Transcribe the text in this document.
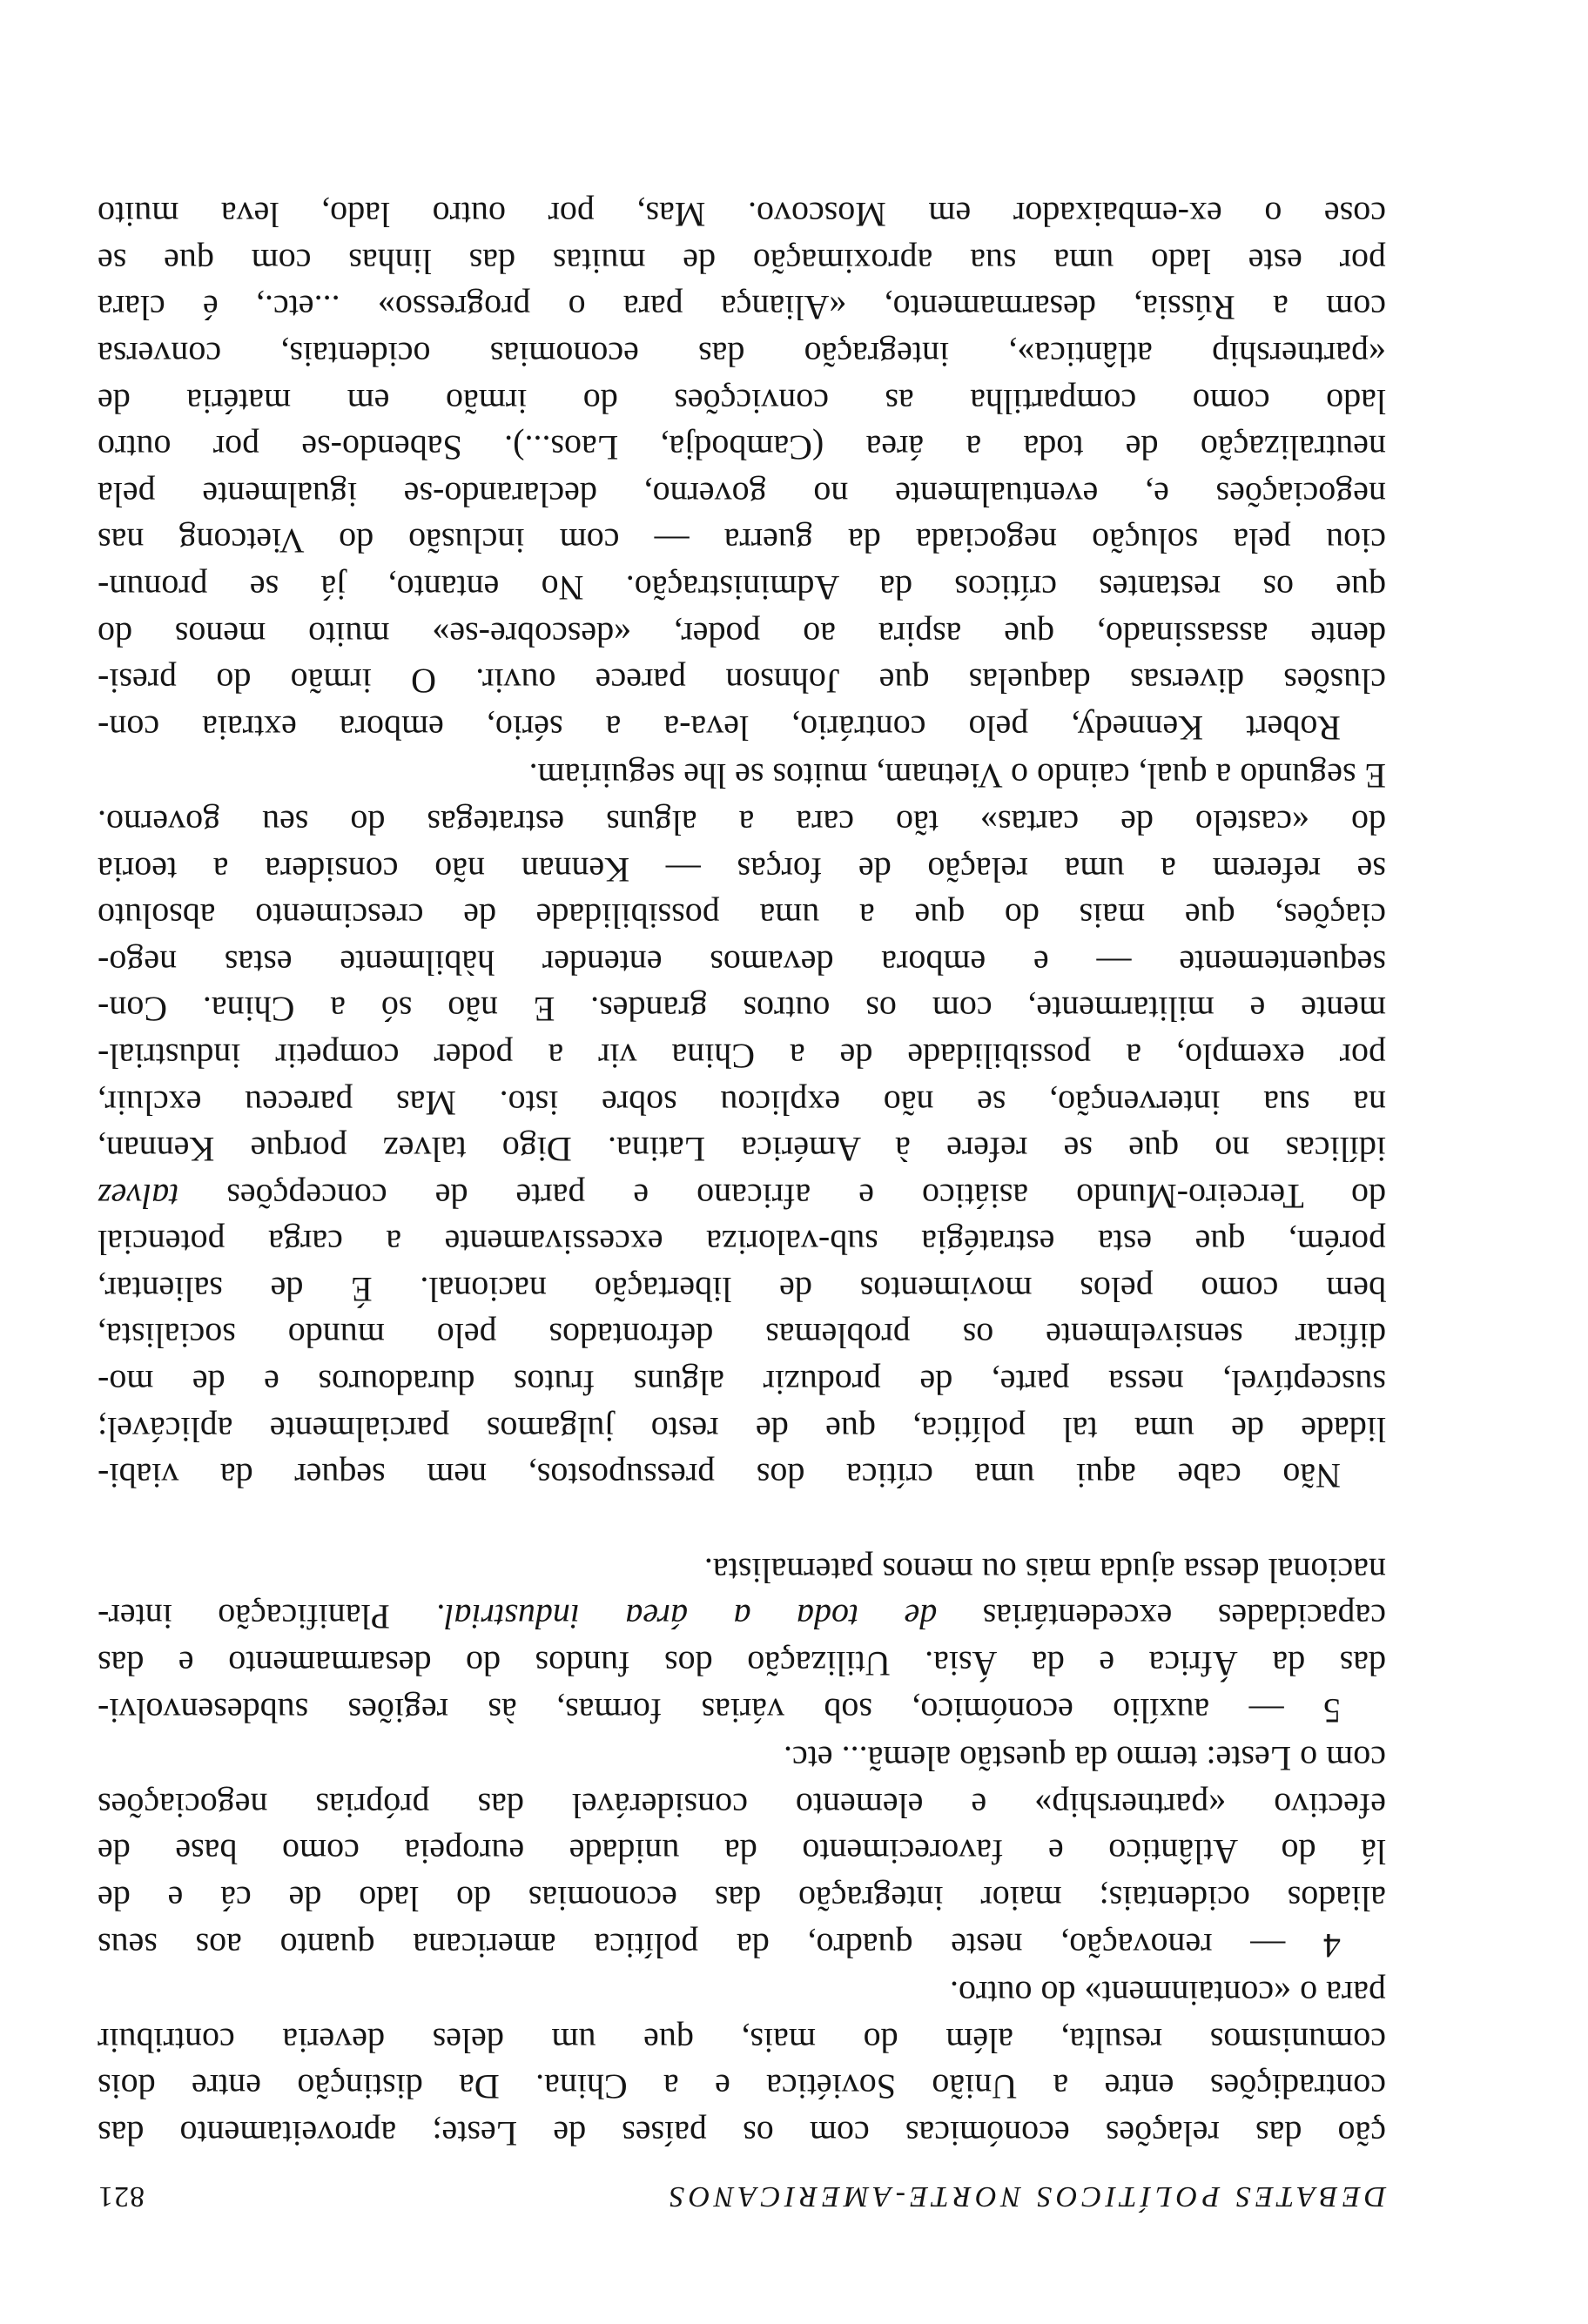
DEBATES POLÍTICOS NORTE-AMERICANOS
821

ção das relações económicas com os países de Leste; aproveitamento das
contradições entre a União Soviética e a China. Da distinção entre dois
comunismos resulta, além do mais, que um deles deveria contribuir
para o «containment» do outro.

4 — renovação, neste quadro, da política americana quanto aos seus
aliados ocidentais; maior integração das economias do lado de cá e de
lá do Atlântico e favorecimento da unidade europeia como base de
efectivo «partnership» e elemento considerável das próprias negociações
com o Leste: termo da questão alemã... etc.

5 — auxílio económico, sob várias formas, às regiões subdesenvolvi-
das da África e da Ásia. Utilização dos fundos do desarmamento e das
capacidades excedentárias de toda a área industrial. Planificação inter-
nacional dessa ajuda mais ou menos paternalista.

Não cabe aqui uma crítica dos pressupostos, nem sequer da viabi-
lidade de uma tal política, que de resto julgamos parcialmente aplicável;
susceptível, nessa parte, de produzir alguns frutos duradouros e de mo-
dificar sensivelmente os problemas defrontados pelo mundo socialista,
bem como pelos movimentos de libertação nacional. É de salientar,
porém, que esta estratégia sub-valoriza excessivamente a carga potencial
do Terceiro-Mundo asiático e africano e parte de concepções talvez
idílicas no que se refere à América Latina. Digo talvez porque Kennan,
na sua intervenção, se não explicou sobre isto. Mas pareceu excluir,
por exemplo, a possibilidade de a China vir a poder competir industrial-
mente e militarmente, com os outros grandes. E não só a China. Con-
sequentemente — e embora devamos entender hàbilmente estas nego-
ciações, que mais do que a uma possibilidade de crescimento absoluto
se referem a uma relação de forças — Kennan não considera a teoria
do «castelo de cartas» tão cara a alguns estrategas do seu governo.
E segundo a qual, caindo o Vietnam, muitos se lhe seguiriam.

Robert Kennedy, pelo contrário, leva-a a sério, embora extraia con-
clusões diversas daquelas que Johnson parece ouvir. O irmão do presi-
dente assassinado, que aspira ao poder, «descobre-se» muito menos do
que os restantes críticos da Administração. No entanto, já se pronun-
ciou pela solução negociada da guerra — com inclusão do Vietcong nas
negociações e, eventualmente no governo, declarando-se igualmente pela
neutralização de toda a área (Cambodja, Laos...). Sabendo-se por outro
lado como compartilha as convicções do irmão em matéria de
«partnership atlântica», integração das economias ocidentais, conversa
com a Rússia, desarmamento, «Aliança para o progresso» ...etc., é clara
por este lado uma sua aproximação de muitas das linhas com que se
cose o ex-embaixador em Moscovo. Mas, por outro lado, leva muito
